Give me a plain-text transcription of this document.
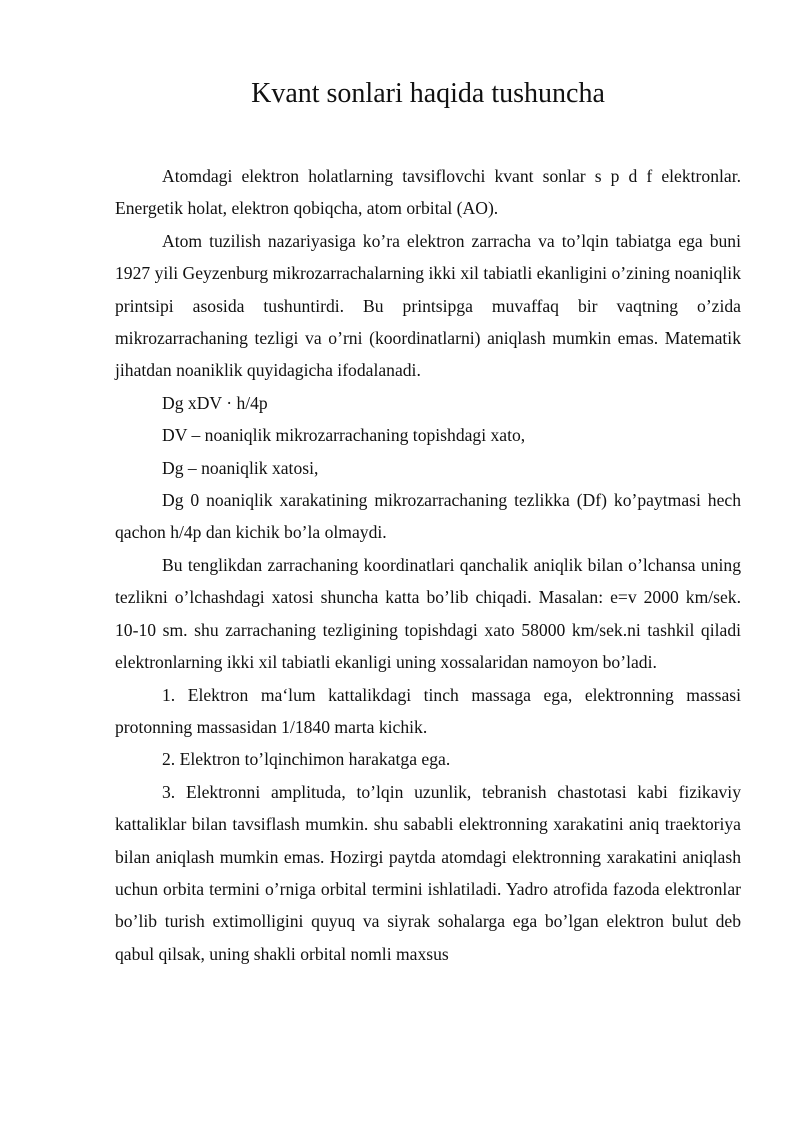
Kvant sonlari haqida tushuncha

Atomdagi elektron holatlarning tavsiflovchi kvant sonlar s p d f elektronlar. Energetik holat, elektron qobiqcha, atom orbital (AO).

Atom tuzilish nazariyasiga ko’ra elektron zarracha va to’lqin tabiatga ega buni 1927 yili Geyzenburg mikrozarrachalarning ikki xil tabiatli ekanligini o’zining noaniqlik printsipi asosida tushuntirdi. Bu printsipga muvaffaq bir vaqtning o’zida mikrozarrachaning tezligi va o’rni (koordinatlarni) aniqlash mumkin emas. Matematik jihatdan noaniklik quyidagicha ifodalanadi.

Dg xDV · h/4p

DV – noaniqlik mikrozarrachaning topishdagi xato,

Dg – noaniqlik xatosi,

Dg 0 noaniqlik xarakatining mikrozarrachaning tezlikka (Df) ko’paytmasi hech qachon h/4p dan kichik bo’la olmaydi.

Bu tenglikdan zarrachaning koordinatlari qanchalik aniqlik bilan o’lchansa uning tezlikni o’lchashdagi xatosi shuncha katta bo’lib chiqadi. Masalan: e=v 2000 km/sek. 10-10 sm. shu zarrachaning tezligining topishdagi xato 58000 km/sek.ni tashkil qiladi elektronlarning ikki xil tabiatli ekanligi uning xossalaridan namoyon bo’ladi.

1. Elektron ma‘lum kattalikdagi tinch massaga ega, elektronning massasi protonning massasidan 1/1840 marta kichik.

2. Elektron to’lqinchimon harakatga ega.

3. Elektronni amplituda, to’lqin uzunlik, tebranish chastotasi kabi fizikaviy kattaliklar bilan tavsiflash mumkin. shu sababli elektronning xarakatini aniq traektoriya bilan aniqlash mumkin emas. Hozirgi paytda atomdagi elektronning xarakatini aniqlash uchun orbita termini o’rniga orbital termini ishlatiladi. Yadro atrofida fazoda elektronlar bo’lib turish extimolligini quyuq va siyrak sohalarga ega bo’lgan elektron bulut deb qabul qilsak, uning shakli orbital nomli maxsus
